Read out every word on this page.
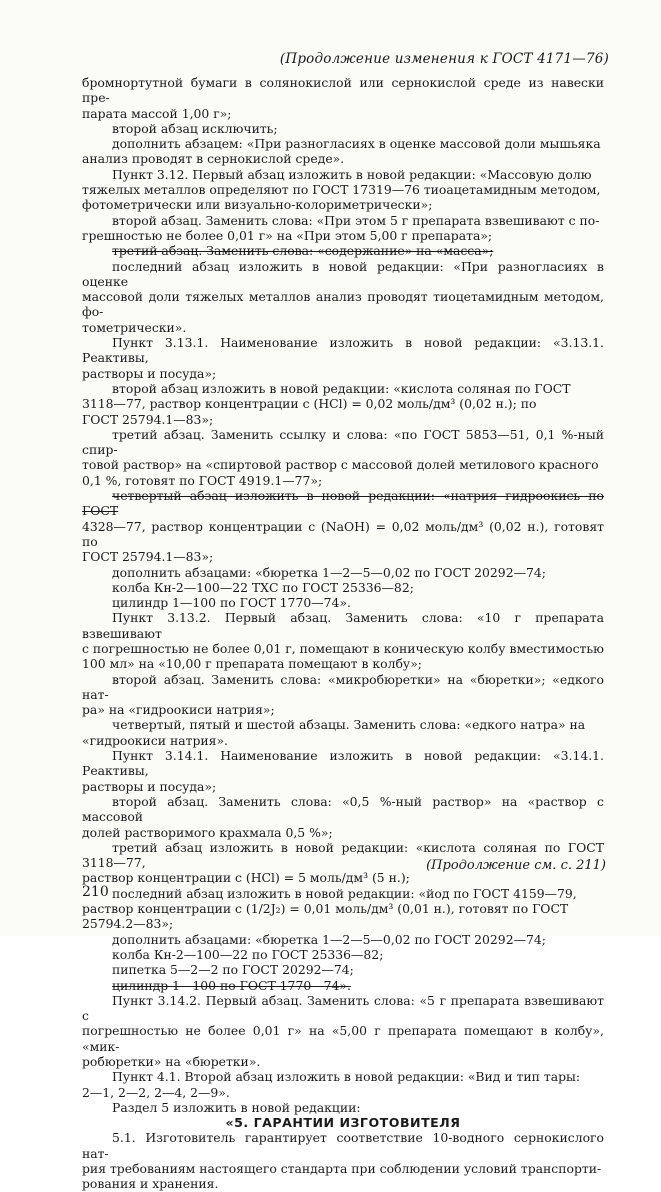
(Продолжение изменения к ГОСТ 4171—76)

бромнортутной бумаги в солянокислой или сернокислой среде из навески пре-

парата массой 1,00 г»;

второй абзац исключить;

дополнить абзацем: «При разногласиях в оценке массовой доли мышьяка

анализ проводят в сернокислой среде».

Пункт 3.12. Первый абзац изложить в новой редакции: «Массовую долю

тяжелых металлов определяют по ГОСТ 17319—76 тиоацетамидным методом,

фотометрически или визуально-колориметрически»;

второй абзац. Заменить слова: «При этом 5 г препарата взвешивают с по-

грешностью не более 0,01 г» на «При этом 5,00 г препарата»;

третий абзац. Заменить слова: «содержание» на «масса»;

последний абзац изложить в новой редакции: «При разногласиях в оценке

массовой доли тяжелых металлов анализ проводят тиоцетамидным методом, фо-

тометрически».

Пункт 3.13.1. Наименование изложить в новой редакции: «3.13.1. Реактивы,

растворы и посуда»;

второй абзац изложить в новой редакции: «кислота соляная по ГОСТ

3118—77, раствор концентрации с (HCl) = 0,02 моль/дм³ (0,02 н.); по

ГОСТ 25794.1—83»;

третий абзац. Заменить ссылку и слова: «по ГОСТ 5853—51, 0,1 %-ный спир-

товой раствор» на «спиртовой раствор с массовой долей метилового красного

0,1 %, готовят по ГОСТ 4919.1—77»;

четвертый абзац изложить в новой редакции: «натрия гидроокись по ГОСТ

4328—77, раствор концентрации с (NaOH) = 0,02 моль/дм³ (0,02 н.), готовят по

ГОСТ 25794.1—83»;

дополнить абзацами: «бюретка 1—2—5—0,02 по ГОСТ 20292—74;

колба Кн-2—100—22 ТХС по ГОСТ 25336—82;

цилиндр 1—100 по ГОСТ 1770—74».

Пункт 3.13.2. Первый абзац. Заменить слова: «10 г препарата взвешивают

с погрешностью не более 0,01 г, помещают в коническую колбу вместимостью

100 мл» на «10,00 г препарата помещают в колбу»;

второй абзац. Заменить слова: «микробюретки» на «бюретки»; «едкого нат-

ра» на «гидроокиси натрия»;

четвертый, пятый и шестой абзацы. Заменить слова: «едкого натра» на

«гидроокиси натрия».

Пункт 3.14.1. Наименование изложить в новой редакции: «3.14.1. Реактивы,

растворы и посуда»;

второй абзац. Заменить слова: «0,5 %-ный раствор» на «раствор с массовой

долей растворимого крахмала 0,5 %»;

третий абзац изложить в новой редакции: «кислота соляная по ГОСТ 3118—77,

раствор концентрации с (HCl) = 5 моль/дм³ (5 н.);

последний абзац изложить в новой редакции: «йод по ГОСТ 4159—79,

раствор концентрации с (1/2J₂) = 0,01 моль/дм³ (0,01 н.), готовят по ГОСТ

25794.2—83»;

дополнить абзацами: «бюретка 1—2—5—0,02 по ГОСТ 20292—74;

колба Кн-2—100—22 по ГОСТ 25336—82;

пипетка 5—2—2 по ГОСТ 20292—74;

цилиндр 1—100 по ГОСТ 1770—74».

Пункт 3.14.2. Первый абзац. Заменить слова: «5 г препарата взвешивают с

погрешностью не более 0,01 г» на «5,00 г препарата помещают в колбу», «мик-

робюретки» на «бюретки».

Пункт 4.1. Второй абзац изложить в новой редакции: «Вид и тип тары:

2—1, 2—2, 2—4, 2—9».

Раздел 5 изложить в новой редакции:

«5. ГАРАНТИИ ИЗГОТОВИТЕЛЯ

5.1. Изготовитель гарантирует соответствие 10-водного сернокислого нат-

рия требованиям настоящего стандарта при соблюдении условий транспорти-

рования и хранения.

(Продолжение см. с. 211)
210
